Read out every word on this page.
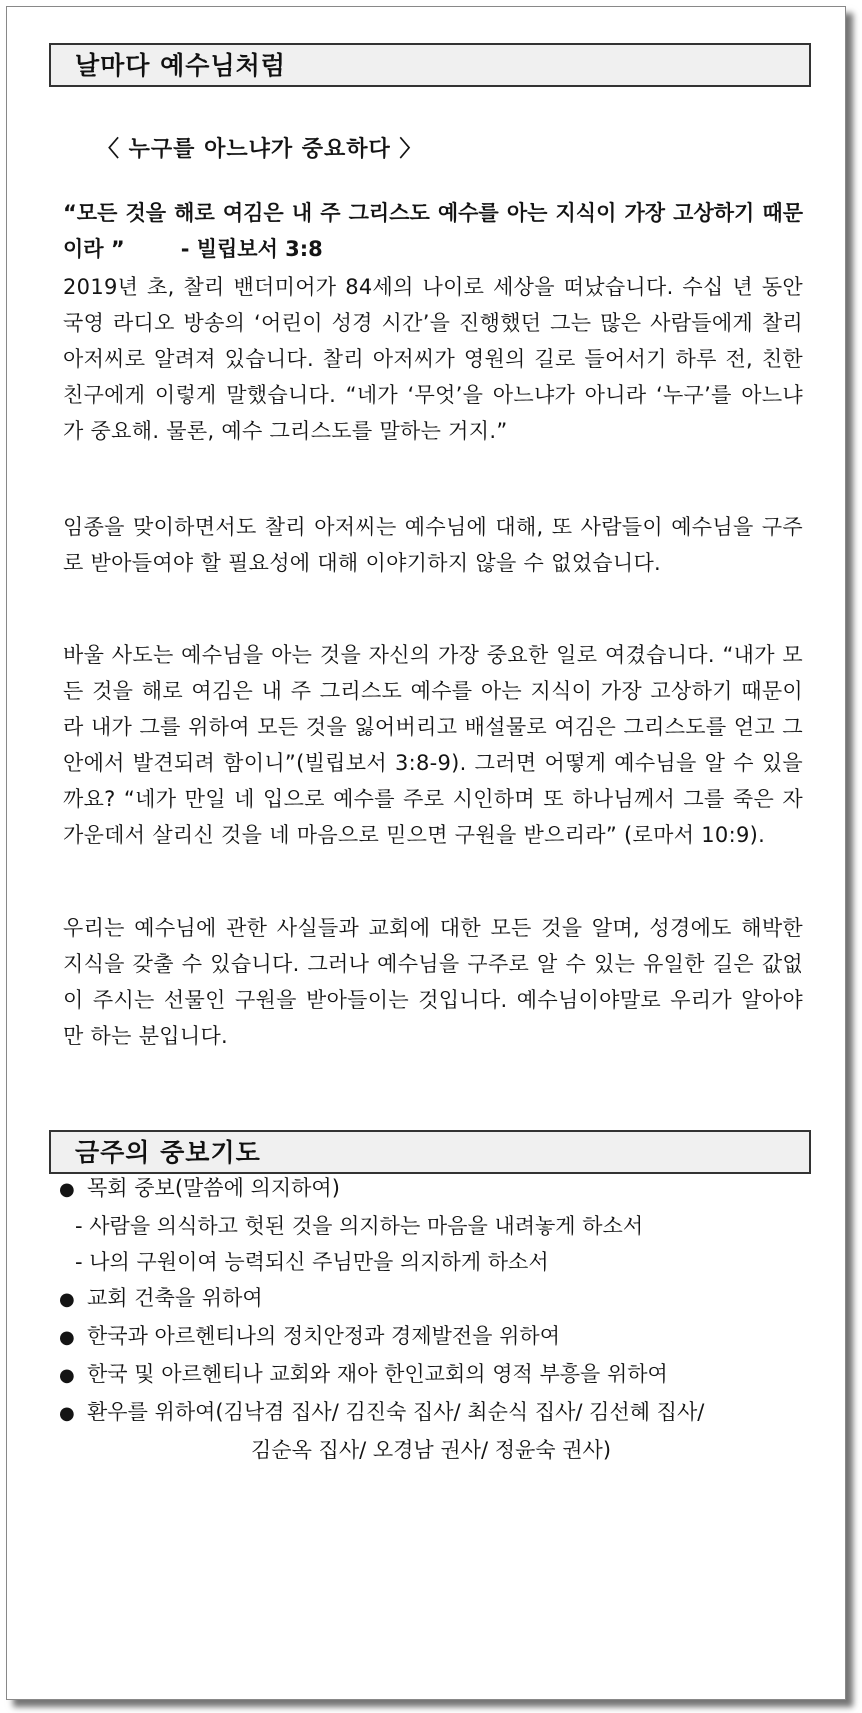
날마다 예수님처럼
〈 누구를 아느냐가 중요하다 〉
“모든 것을 해로 여김은 내 주 그리스도 예수를 아는 지식이 가장 고상하기 때문이라 ”	- 빌립보서 3:8
2019년 초, 찰리 밴더미어가 84세의 나이로 세상을 떠났습니다. 수십 년 동안 국영 라디오 방송의 ‘어린이 성경 시간’을 진행했던 그는 많은 사람들에게 찰리 아저씨로 알려져 있습니다. 찰리 아저씨가 영원의 길로 들어서기 하루 전, 친한 친구에게 이렇게 말했습니다. “네가 ‘무엇’을 아느냐가 아니라 ‘누구’를 아느냐가 중요해. 물론, 예수 그리스도를 말하는 거지.”
임종을 맞이하면서도 찰리 아저씨는 예수님에 대해, 또 사람들이 예수님을 구주로 받아들여야 할 필요성에 대해 이야기하지 않을 수 없었습니다.
바울 사도는 예수님을 아는 것을 자신의 가장 중요한 일로 여겼습니다. “내가 모든 것을 해로 여김은 내 주 그리스도 예수를 아는 지식이 가장 고상하기 때문이라 내가 그를 위하여 모든 것을 잃어버리고 배설물로 여김은 그리스도를 얻고 그 안에서 발견되려 함이니”(빌립보서 3:8-9). 그러면 어떻게 예수님을 알 수 있을까요? “네가 만일 네 입으로 예수를 주로 시인하며 또 하나님께서 그를 죽은 자 가운데서 살리신 것을 네 마음으로 믿으면 구원을 받으리라” (로마서 10:9).
우리는 예수님에 관한 사실들과 교회에 대한 모든 것을 알며, 성경에도 해박한 지식을 갖출 수 있습니다. 그러나 예수님을 구주로 알 수 있는 유일한 길은 값없이 주시는 선물인 구원을 받아들이는 것입니다. 예수님이야말로 우리가 알아야만 하는 분입니다.
금주의 중보기도
● 목회 중보(말씀에 의지하여)
- 사람을 의식하고 헛된 것을 의지하는 마음을 내려놓게 하소서
- 나의 구원이여 능력되신 주님만을 의지하게 하소서
● 교회 건축을 위하여
● 한국과 아르헨티나의 정치안정과 경제발전을 위하여
● 한국 및 아르헨티나 교회와 재아 한인교회의 영적 부흥을 위하여
● 환우를 위하여(김낙겸 집사/ 김진숙 집사/ 최순식 집사/ 김선혜 집사/
김순옥 집사/ 오경남 권사/ 정윤숙 권사)
